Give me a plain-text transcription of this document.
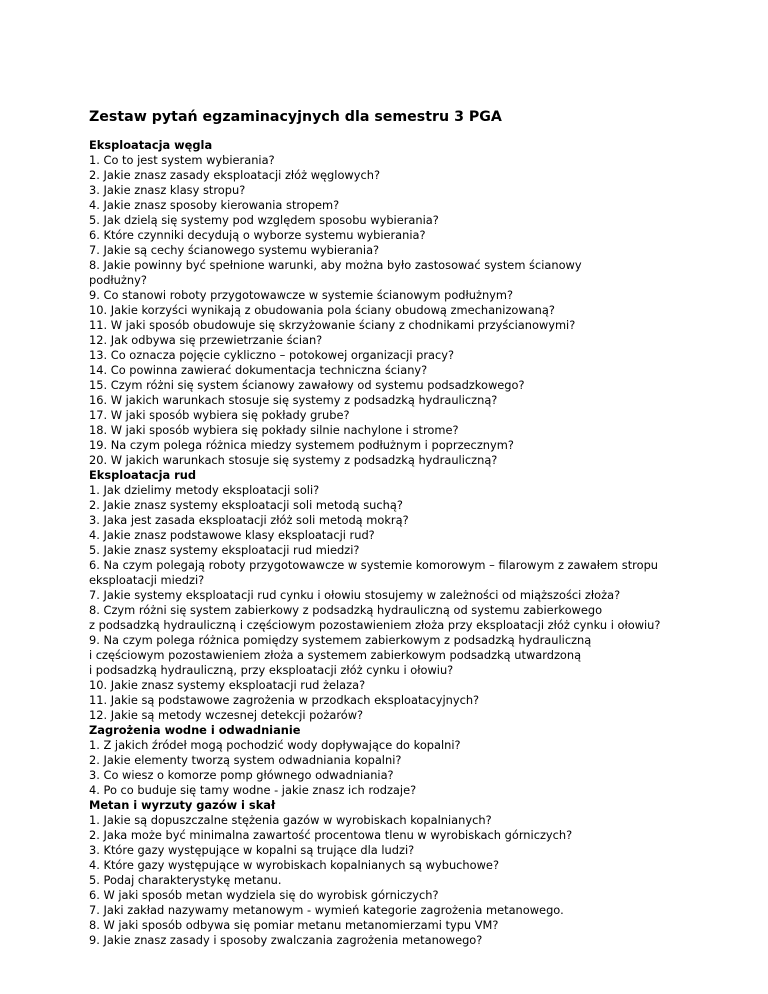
Zestaw pytań egzaminacyjnych dla semestru 3 PGA
Eksploatacja węgla
1. Co to jest system wybierania?
2. Jakie znasz zasady eksploatacji złóż węglowych?
3. Jakie znasz klasy stropu?
4. Jakie znasz sposoby kierowania stropem?
5. Jak dzielą się systemy pod względem sposobu wybierania?
6. Które czynniki decydują o wyborze systemu wybierania?
7. Jakie są cechy ścianowego systemu wybierania?
8. Jakie powinny być spełnione warunki, aby można było zastosować system ścianowy
podłużny?
9. Co stanowi roboty przygotowawcze w systemie ścianowym podłużnym?
10. Jakie korzyści wynikają z obudowania pola ściany obudową zmechanizowaną?
11. W jaki sposób obudowuje się skrzyżowanie ściany z chodnikami przyścianowymi?
12. Jak odbywa się przewietrzanie ścian?
13. Co oznacza pojęcie cykliczno – potokowej organizacji pracy?
14. Co powinna zawierać dokumentacja techniczna ściany?
15. Czym różni się system ścianowy zawałowy od systemu podsadzkowego?
16. W jakich warunkach stosuje się systemy z podsadzką hydrauliczną?
17. W jaki sposób wybiera się pokłady grube?
18. W jaki sposób wybiera się pokłady silnie nachylone i strome?
19. Na czym polega różnica miedzy systemem podłużnym i poprzecznym?
20. W jakich warunkach stosuje się systemy z podsadzką hydrauliczną?
Eksploatacja rud
1. Jak dzielimy metody eksploatacji soli?
2. Jakie znasz systemy eksploatacji soli metodą suchą?
3. Jaka jest zasada eksploatacji złóż soli metodą mokrą?
4. Jakie znasz podstawowe klasy eksploatacji rud?
5. Jakie znasz systemy eksploatacji rud miedzi?
6. Na czym polegają roboty przygotowawcze w systemie komorowym – filarowym z zawałem stropu
eksploatacji miedzi?
7. Jakie systemy eksploatacji rud cynku i ołowiu stosujemy w zależności od miąższości złoża?
8. Czym różni się system zabierkowy z podsadzką hydrauliczną od systemu zabierkowego
z podsadzką hydrauliczną i częściowym pozostawieniem złoża przy eksploatacji złóż cynku i ołowiu?
9. Na czym polega różnica pomiędzy systemem zabierkowym z podsadzką hydrauliczną
i częściowym pozostawieniem złoża a systemem zabierkowym podsadzką utwardzoną
i podsadzką hydrauliczną, przy eksploatacji złóż cynku i ołowiu?
10. Jakie znasz systemy eksploatacji rud żelaza?
11. Jakie są podstawowe zagrożenia w przodkach eksploatacyjnych?
12. Jakie są metody wczesnej detekcji pożarów?
Zagrożenia wodne i odwadnianie
1. Z jakich źródeł mogą pochodzić wody dopływające do kopalni?
2. Jakie elementy tworzą system odwadniania kopalni?
3. Co wiesz o komorze pomp głównego odwadniania?
4. Po co buduje się tamy wodne - jakie znasz ich rodzaje?
Metan i wyrzuty gazów i skał
1. Jakie są dopuszczalne stężenia gazów w wyrobiskach kopalnianych?
2. Jaka może być minimalna zawartość procentowa tlenu w wyrobiskach górniczych?
3. Które gazy występujące w kopalni są trujące dla ludzi?
4. Które gazy występujące w wyrobiskach kopalnianych są wybuchowe?
5. Podaj charakterystykę metanu.
6. W jaki sposób metan wydziela się do wyrobisk górniczych?
7. Jaki zakład nazywamy metanowym - wymień kategorie zagrożenia metanowego.
8. W jaki sposób odbywa się pomiar metanu metanomierzami typu VM?
9. Jakie znasz zasady i sposoby zwalczania zagrożenia metanowego?
